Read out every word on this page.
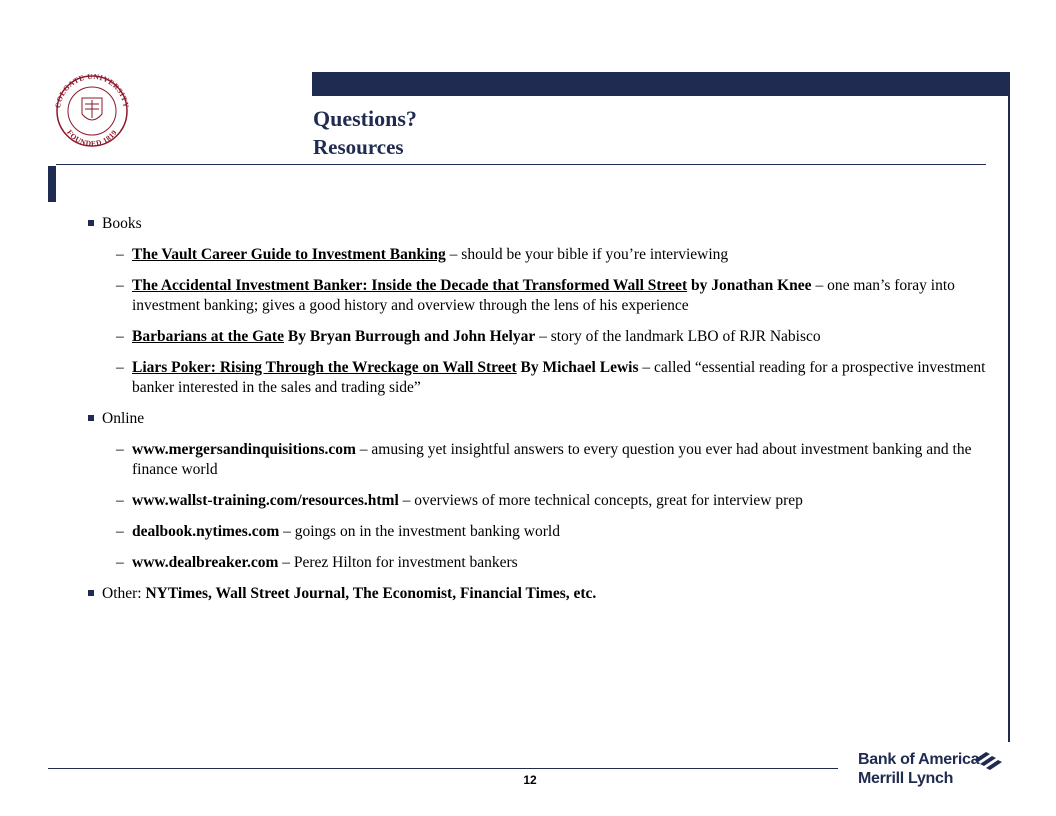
COLGATE UNIVERSITY
FOUNDED 1819
Questions?
Resources
Books
– The Vault Career Guide to Investment Banking – should be your bible if you’re interviewing
– The Accidental Investment Banker: Inside the Decade that Transformed Wall Street by Jonathan Knee – one man’s foray into investment banking; gives a good history and overview through the lens of his experience
– Barbarians at the Gate By Bryan Burrough and John Helyar – story of the landmark LBO of RJR Nabisco
– Liars Poker: Rising Through the Wreckage on Wall Street By Michael Lewis – called “essential reading for a prospective investment banker interested in the sales and trading side”
Online
– www.mergersandinquisitions.com – amusing yet insightful answers to every question you ever had about investment banking and the finance world
– www.wallst-training.com/resources.html – overviews of more technical concepts, great for interview prep
– dealbook.nytimes.com – goings on in the investment banking world
– www.dealbreaker.com – Perez Hilton for investment bankers
Other:
NYTimes, Wall Street Journal, The Economist, Financial Times, etc.
12
Bank of America
Merrill Lynch
